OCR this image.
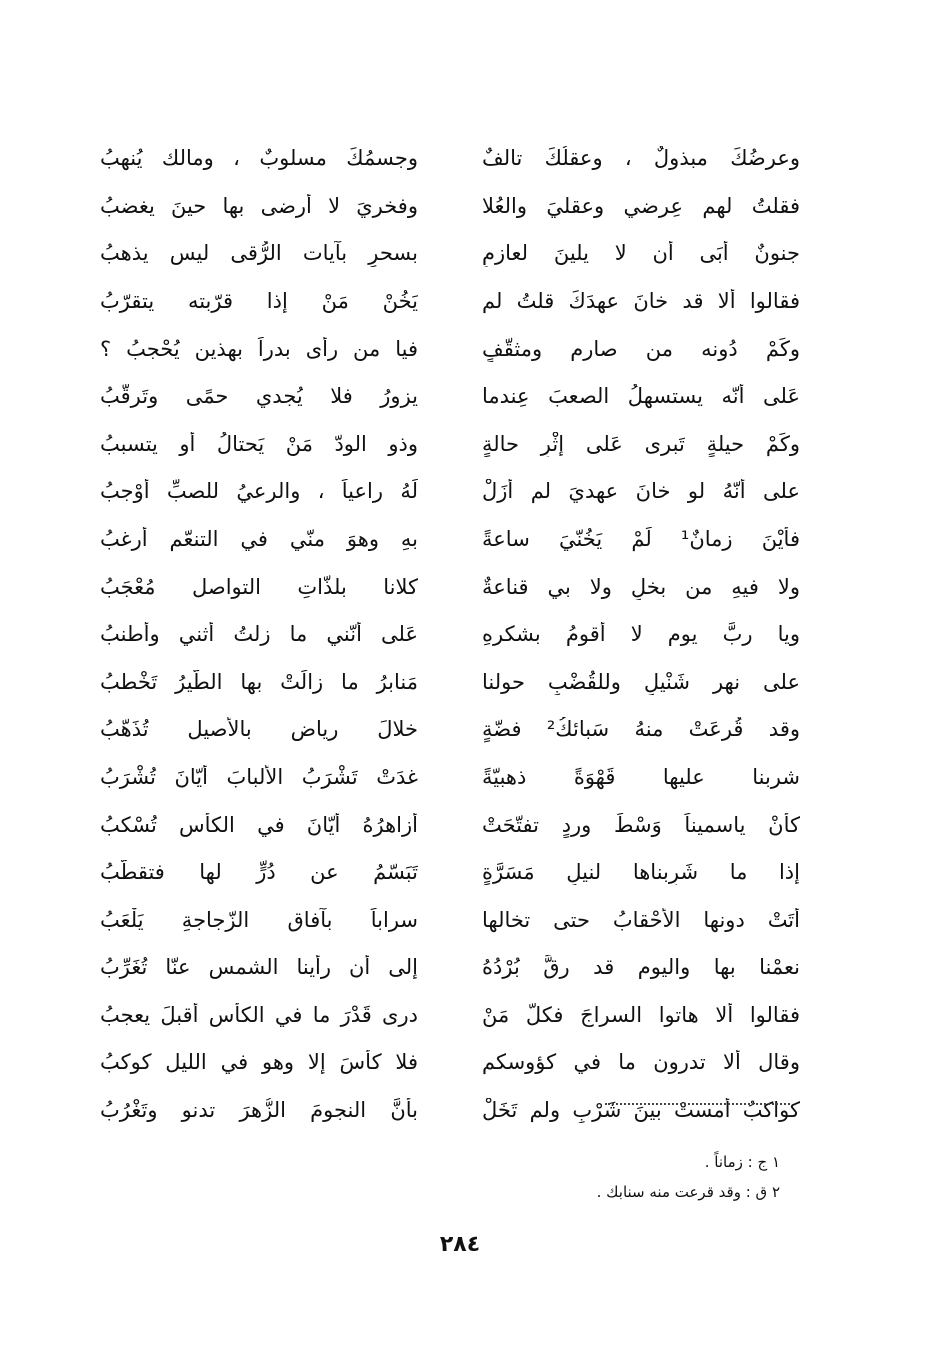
وعرضُكَ مبذولٌ ، وعقلُكَ تالفٌ
وجسمُكَ مسلوبٌ ، ومالك يُنهبُ
فقلتُ لهم عِرضي وعقليَ والعُلا
وفخريَ لا أرضى بها حينَ يغضبُ
جنونٌ أبَى أن لا يلينَ لعازمٍ
بسحرٍ بآيات الرُّقى ليس يذهبُ
فقالوا ألا قد خانَ عهدَكَ قلتُ لم
يَخُنْ مَنْ إذا قرّبته يتقرّبُ
وكَمْ دُونه من صارم ومثقّفٍ
فيا من رأى بدراً بهذين يُحْجبُ ؟
عَلى أنّه يستسهلُ الصعبَ عِندما
يزورُ فلا يُجدي حمًى وتَرقُّبُ
وكَمْ حيلةٍ تَبرى عَلى إثْرِ حالةٍ
وذو الودّ مَنْ يَحتالُ أو يتسببُ
على أنّهُ لو خانَ عهديَ لم أزَلْ
لَهُ راعياً ، والرعيُ للصبِّ أوْجبُ
فأيْنَ زمانٌ¹ لَمْ يَخُنّيَ ساعةً
بهِ وهوَ منّي في التنعّم أرغبُ
ولا فيهِ من بخلٍ ولا بي قناعةٌ
كلانا بلذّاتِ التواصل مُعْجَبُ
ويا ربَّ يومٍ لا أقومُ بشكرهِ
عَلى أنّني ما زلتُ أُثني وأُطنبُ
على نهر شَنْيلٍ وللقُضْبِ حولنا
مَنابرُ ما زالَتْ بها الطّيرُ تَخْطبُ
وقد قُرعَتْ منهُ سَبائكُ² فضّةٍ
خلالَ رياضٍ بالأصيل تُذَهّبُ
شربنا عليها قَهْوَةً ذهبيّةً
غدَتْ تَشْرَبُ الألبابَ أيّانَ تُشْرَبُ
كأنْ ياسميناً وَسْطَ وردٍ تفتّحَتْ
أزاهرُهُ أيّانَ في الكأسِ تُسْكبُ
إذا ما شَرِبناها لنيلِ مَسَرَّةٍ
تَبَسّمُ عن دُرٍّ لها فتقطّبُ
أتَتْ دونها الأحْقابُ حتى تخالها
سراباً بآفاق الزّجاجةِ يَلْعَبُ
نعمْنا بها واليوم قد رقَّ بُرْدُهُ
إلى أن رأينا الشمس عنّا تُغَرِّبُ
فقالوا ألا هاتوا السراجَ فكلُّ مَنْ
درى قَدْرَ ما في الكأس أقبلَ يعجبُ
وقال ألا تدرون ما في كؤوسكم
فلا كأسَ إلا وهو في الليل كوكبُ
كواكبُ أمستْ بينَ شَرْبٍ ولم تَخَلْ
بأنَّ النجومَ الزُّهرَ تدنو وتَغْرُبُ
١ ج : زماناً .
٢ ق : وقد قرعت منه سنابك .
٢٨٤
